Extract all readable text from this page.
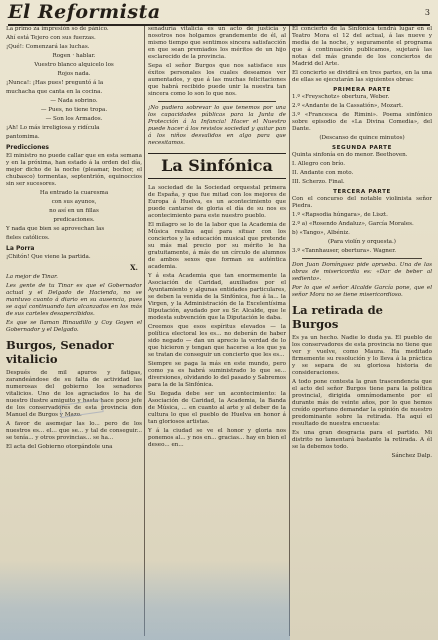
El Reformista	3

La primo za impresión so de pánico.

Ahí está Tejero con sus fuerzas.

¡Qué!: Comenzará las luchas.

Rogen · hablar.

Vuestro blanco alquicelo los

Rojos nada.

¡Nunca!: ¡Has pues! preguntó á la

muchacha que canta en la cocina.

— Nada sobrino.

— Pues, no tiene tropa.

— Son los Armados.

¡Ah! Lo más irreligiosa y ridícula

pantomima.

Predicciones

El ministro no puede callar que en esta semana y en la próxima, han estado á la orden del día, mejor dicho de la noche (pleamar, bochor, el chubasco) tormentas, septentrión, equinoccios sin ser sucesores.

Ha entrado la cuaresma

con sus ayunos,

no así en un fillas

predicaciones.

Y nada que bien se aprovechan las

fieles católicos.

La Porra

¡Chitón! Que viene la partida.

X.

La mejor de Tinar.

Les gente de tu Tinar es que el Gobernador actual y el Delgado de Hacienda, no se mantuvo cuanto á diario en su ausencia, pues se aquí continuando tan alcanzados en los más de sus carteles desapercibidos.

Es que se llaman Rinaudillo y Coy Goyen el Gobernador y el Delgado.

Burgos, Senador vitalicio

Después de mil apuros y fatigas, zarandeándose de su falta de actividad las numerosas del gobierno los senadores vitalicios. Uno de los agraciados lo ha de nuestro ilustre amiguito y hasta hace poco jefe de los conservadores de esta provincia don Manuel de Burgos y Mazo.

A favor de asemejar las lo... pero de los nuestros es... el... que se... y tal de conseguir... se tenía... y otros provincias... se ha...

El acta del Gobierno otorgándole una

senaduría vitalicia es un acto de justicia y nosotros nos holgamos grandemente de él, al mismo tiempo que sentimos sincera satisfacción en que sean premiados los méritos de un hijo esclarecido de la provincia.

Sepa el señor Burgos que nos satisface sus éxitos personales los cuales deseamos ver aumentados, y que á las muchas felicitaciones que habrá recibido puede unir la nuestra tan sincera como lo son lo que nos.

¡No pudiera sobrevar lo que tenemos por una los capacidades públicas para la Junta de Protección á la Infancia! Hacer el Nuestro puede hacer á los revistos sociedad y quitar pan á los niños desvalidos en algo para que necesitamos.

La Sinfónica

La sociedad de la Sociedad orquestal primera de España, y que fue mitad con los mejores de Europa á Huelva, es un acontecimiento que puede cantarse de gloria el día de su nos es acontecimiento para este nuestro pueblo.

El milagro se lo de la labor que la Academia de Música realiza aquí para situar con los conciertos y la educación musical que pretende su más mal precio por su mérito le ha gratuitamente, á más de un círculo de alumnos de ambos sexos que forman su auténtica academia.

Y á esta Academia que tan enormemente la Asociación de Caridad, auxiliados por el Ayuntamiento y algunas entidades particulares, se deben la venida de la Sinfónica, fue á la... la Virgen, y la Administración de la Excelentísima Diputación, ayudado por su Sr. Alcalde, que le modesta subvención que la Diputación le daba.

Creemos que esos espíritus elevados — la política electoral les es... no deberán de haber sido negado — dan un aprecio la verdad de lo que hicieron y tengan que hacerse a los que ya se tratan de conseguir un concierto que les es...

Siempre se paga la más en este mundo, pero como ya es habrá suministrado lo que se... diversiones, olvidando lo del pasado y Sabremos para la de la Sinfónica.

Su llegada debe ser un acontecimiento: la Asociación de Caridad, la Academia, la Banda de Música, ... en cuanto al arte y al deber de la cultura lo que el pueblo de Huelva en honor á tan gloriosos artistas.

Y á la ciudad se ve el honor y gloria nos ponemos al... y nos en... gracias... hay en bien el deseo... en...

El concierto de la Sinfónica tendrá lugar en el Teatro Mora el 12 del actual, á las nueve y media de la noche, y seguramente el programa que á continuación publicamos, sujetará las notas del más grande de los conciertos de Madrid del Arte.

El concierto se dividirá en tres partes, en la una de ellas se ejecutarán las siguientes obras:

PRIMERA PARTE

1.º «Freyschotz» obertura, Weber.

2.º «Andante de la Cassatión», Mozart.

3.º «Francesca de Rimini». Poema sinfónico sobre episodio de «La Divina Comedia», del Dante.

(Descanso de quince minutos)

SEGUNDA PARTE

Quinta sinfonía en do menor. Beethoven.

I. Allegro con brío.

II. Andante con moto.

III. Scherzo. Final.

TERCERA PARTE

Con el concurso del notable violinista señor Piedra.

1.º «Rapsodia húngara», de Liszt.

2.º a) «Rosendo Andaluz», García Morales.

b) «Tango», Albéniz.

(Para violín y orquesta.)

3.º «Tannhauser, obertura». Wagner.

Don Juan Domínguez pide aprueba. Una de las obras de misericordia es: «Dar de beber al sediento».

Por lo que el señor Alcalde García pone, que el señor Mora no se tiene misericordioso.

La retirada de Burgos

Es ya un hecho. Nadie lo duda ya. El pueblo de los conservadores de esta provincia no tiene que ver y vuelve, como Maura. Ha meditado firmemente su resolución y lo lleva á la práctica y se separa de su gloriosa historia de consideraciones.

A todo pone contesta la gran trascendencia que el acto del señor Burgos tiene para la política provincial, dirigida omnímodamente por el durante más de veinte años, por lo que hemos creído oportuno demandar la opinión de nuestro predominante sobre la retirada. Ha aquí el resultado de nuestra encuesta:

Es una gran desgracia para el partido. Mi distrito no lamentará bastante la retirada. A él se la debemos todo.

Sánchez Dalp.
